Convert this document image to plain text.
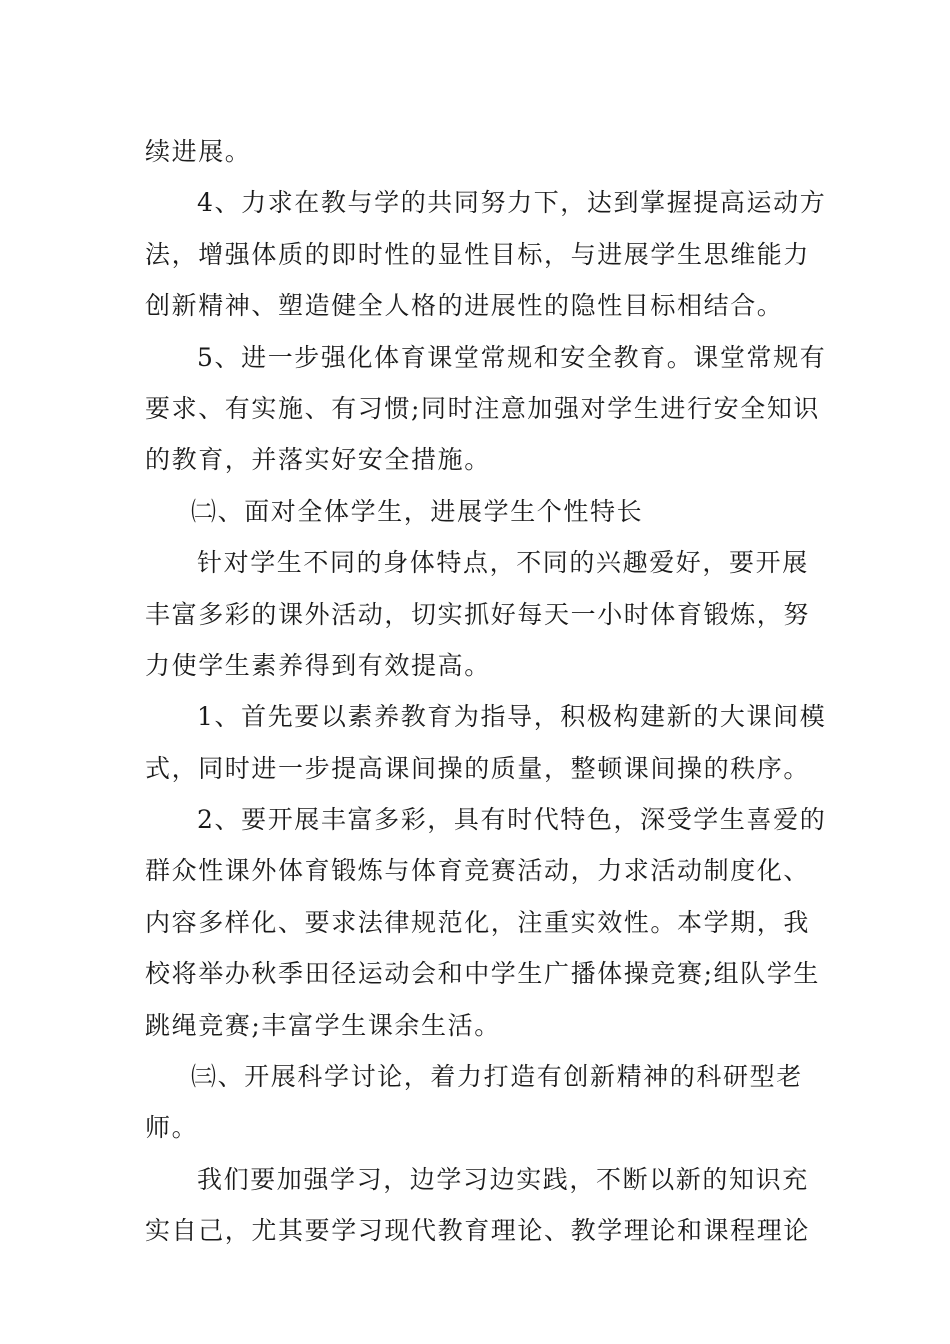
续进展。
4、力求在教与学的共同努力下，达到掌握提高运动方
法，增强体质的即时性的显性目标，与进展学生思维能力
创新精神、塑造健全人格的进展性的隐性目标相结合。
5、进一步强化体育课堂常规和安全教育。课堂常规有
要求、有实施、有习惯;同时注意加强对学生进行安全知识
的教育，并落实好安全措施。
㈡、面对全体学生，进展学生个性特长
针对学生不同的身体特点，不同的兴趣爱好，要开展
丰富多彩的课外活动，切实抓好每天一小时体育锻炼，努
力使学生素养得到有效提高。
1、首先要以素养教育为指导，积极构建新的大课间模
式，同时进一步提高课间操的质量，整顿课间操的秩序。
2、要开展丰富多彩，具有时代特色，深受学生喜爱的
群众性课外体育锻炼与体育竞赛活动，力求活动制度化、
内容多样化、要求法律规范化，注重实效性。本学期，我
校将举办秋季田径运动会和中学生广播体操竞赛;组队学生
跳绳竞赛;丰富学生课余生活。
㈢、开展科学讨论，着力打造有创新精神的科研型老
师。
我们要加强学习，边学习边实践，不断以新的知识充
实自己，尤其要学习现代教育理论、教学理论和课程理论
